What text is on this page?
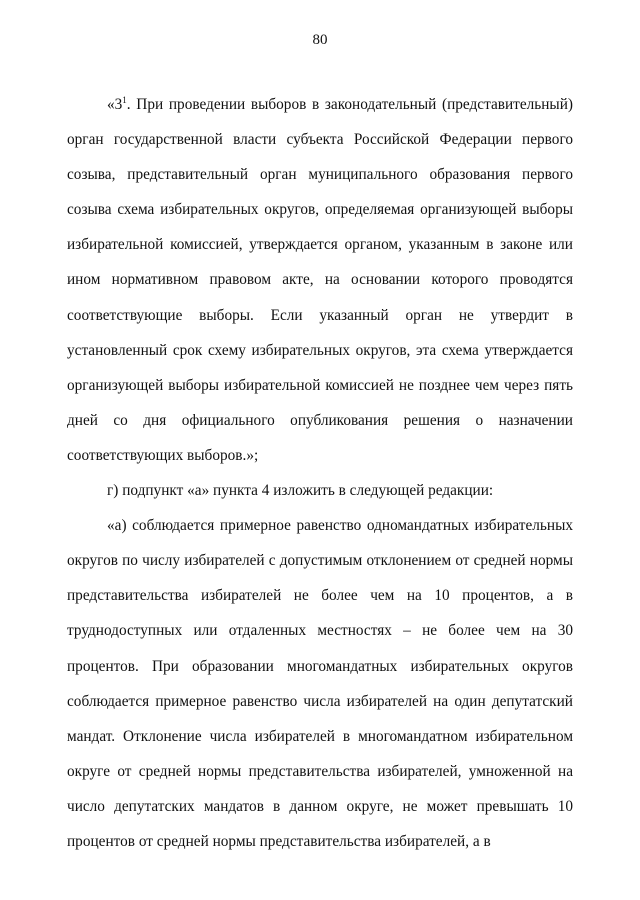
80

«$3^1$. При проведении выборов в законодательный (представительный) орган государственной власти субъекта Российской Федерации первого созыва, представительный орган муниципального образования первого созыва схема избирательных округов, определяемая организующей выборы избирательной комиссией, утверждается органом, указанным в законе или ином нормативном правовом акте, на основании которого проводятся соответствующие выборы. Если указанный орган не утвердит в установленный срок схему избирательных округов, эта схема утверждается организующей выборы избирательной комиссией не позднее чем через пять дней со дня официального опубликования решения о назначении соответствующих выборов.»;

г) подпункт «а» пункта 4 изложить в следующей редакции:

«а) соблюдается примерное равенство одномандатных избирательных округов по числу избирателей с допустимым отклонением от средней нормы представительства избирателей не более чем на 10 процентов, а в труднодоступных или отдаленных местностях – не более чем на 30 процентов. При образовании многомандатных избирательных округов соблюдается примерное равенство числа избирателей на один депутатский мандат. Отклонение числа избирателей в многомандатном избирательном округе от средней нормы представительства избирателей, умноженной на число депутатских мандатов в данном округе, не может превышать 10 процентов от средней нормы представительства избирателей, а в
